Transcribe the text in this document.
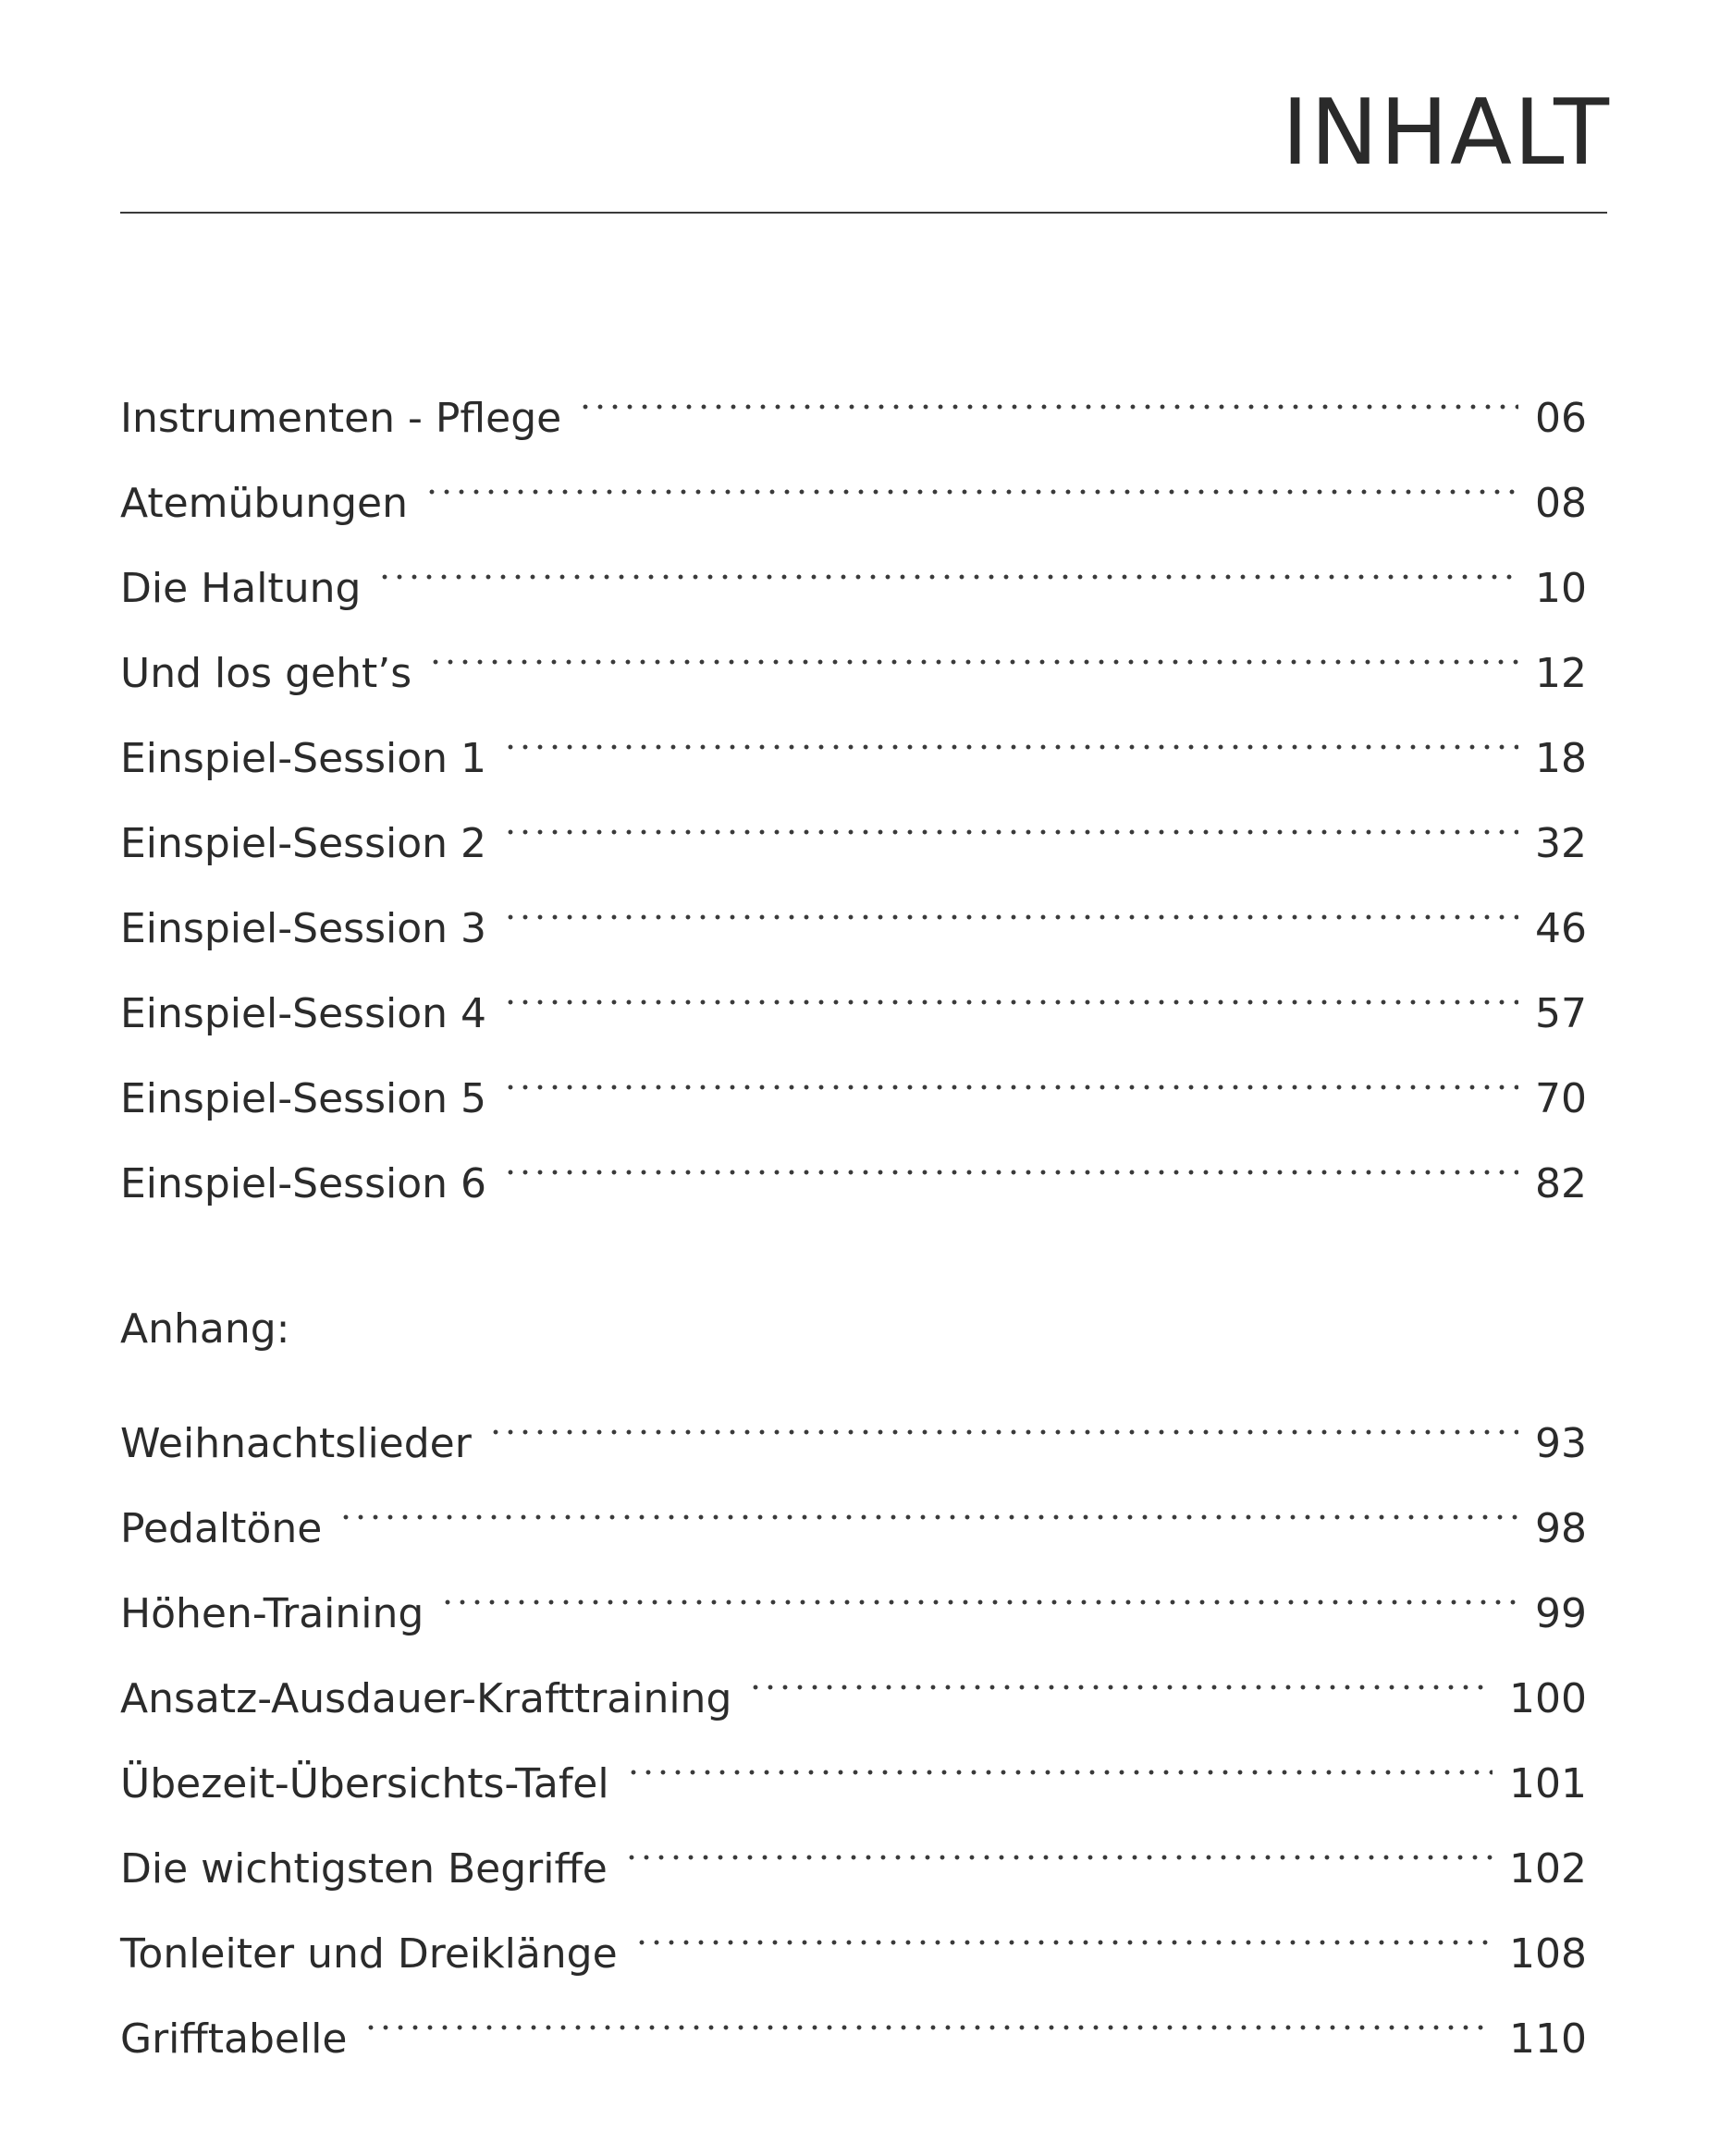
INHALT
Instrumenten - Pflege	06
Atemübungen	08
Die Haltung	10
Und los geht’s	12
Einspiel-Session 1	18
Einspiel-Session 2	32
Einspiel-Session 3	46
Einspiel-Session 4	57
Einspiel-Session 5	70
Einspiel-Session 6	82
Anhang:
Weihnachtslieder	93
Pedaltöne	98
Höhen-Training	99
Ansatz-Ausdauer-Krafttraining	100
Übezeit-Übersichts-Tafel	101
Die wichtigsten Begriffe	102
Tonleiter und Dreiklänge	108
Grifftabelle	110
